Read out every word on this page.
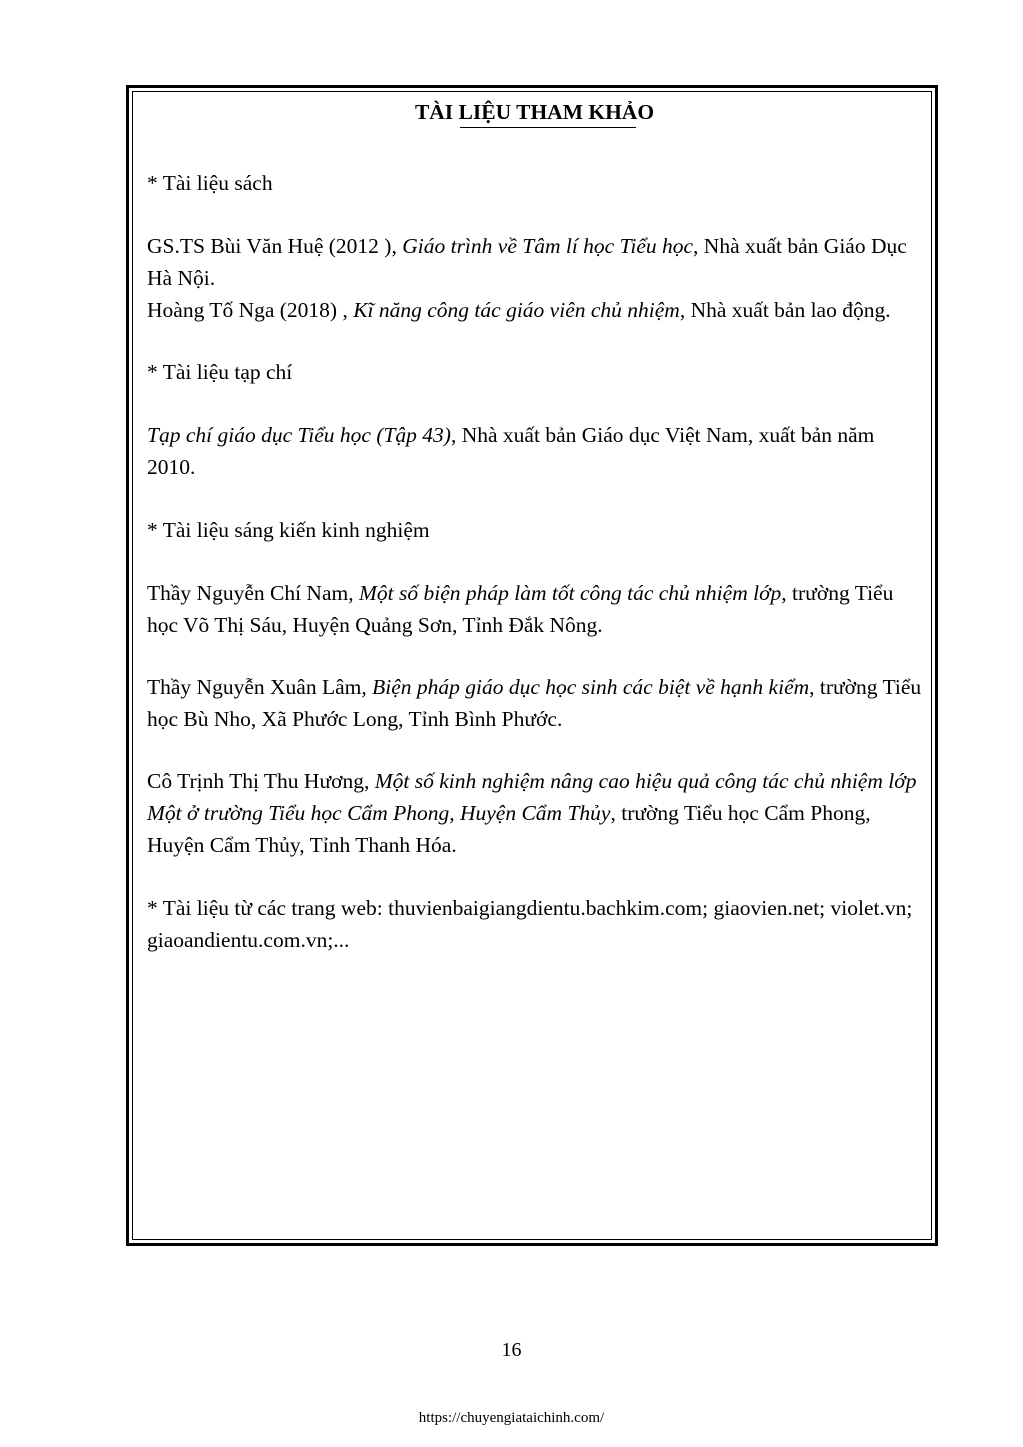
TÀI LIỆU THAM KHẢO

* Tài liệu sách

GS.TS Bùi Văn Huệ (2012 ), Giáo trình về Tâm lí học Tiểu học, Nhà xuất bản Giáo Dục Hà Nội.

Hoàng Tố Nga (2018) , Kĩ năng công tác giáo viên chủ nhiệm, Nhà xuất bản lao động.

* Tài liệu tạp chí

Tạp chí giáo dục Tiểu học (Tập 43), Nhà xuất bản Giáo dục Việt Nam, xuất bản năm 2010.

* Tài liệu sáng kiến kinh nghiệm

Thầy Nguyễn Chí Nam, Một số biện pháp làm tốt công tác chủ nhiệm lớp, trường Tiểu học Võ Thị Sáu, Huyện Quảng Sơn, Tỉnh Đắk Nông.

Thầy Nguyễn Xuân Lâm, Biện pháp giáo dục học sinh các biệt về hạnh kiểm, trường Tiểu học Bù Nho, Xã Phước Long, Tỉnh Bình Phước.

Cô Trịnh Thị Thu Hương, Một số kinh nghiệm nâng cao hiệu quả công tác chủ nhiệm lớp Một ở trường Tiểu học Cẩm Phong, Huyện Cẩm Thủy, trường Tiểu học Cẩm Phong, Huyện Cẩm Thủy, Tỉnh Thanh Hóa.

* Tài liệu từ các trang web: thuvienbaigiangdientu.bachkim.com; giaovien.net; violet.vn; giaoandientu.com.vn;...

16
https://chuyengiataichinh.com/
